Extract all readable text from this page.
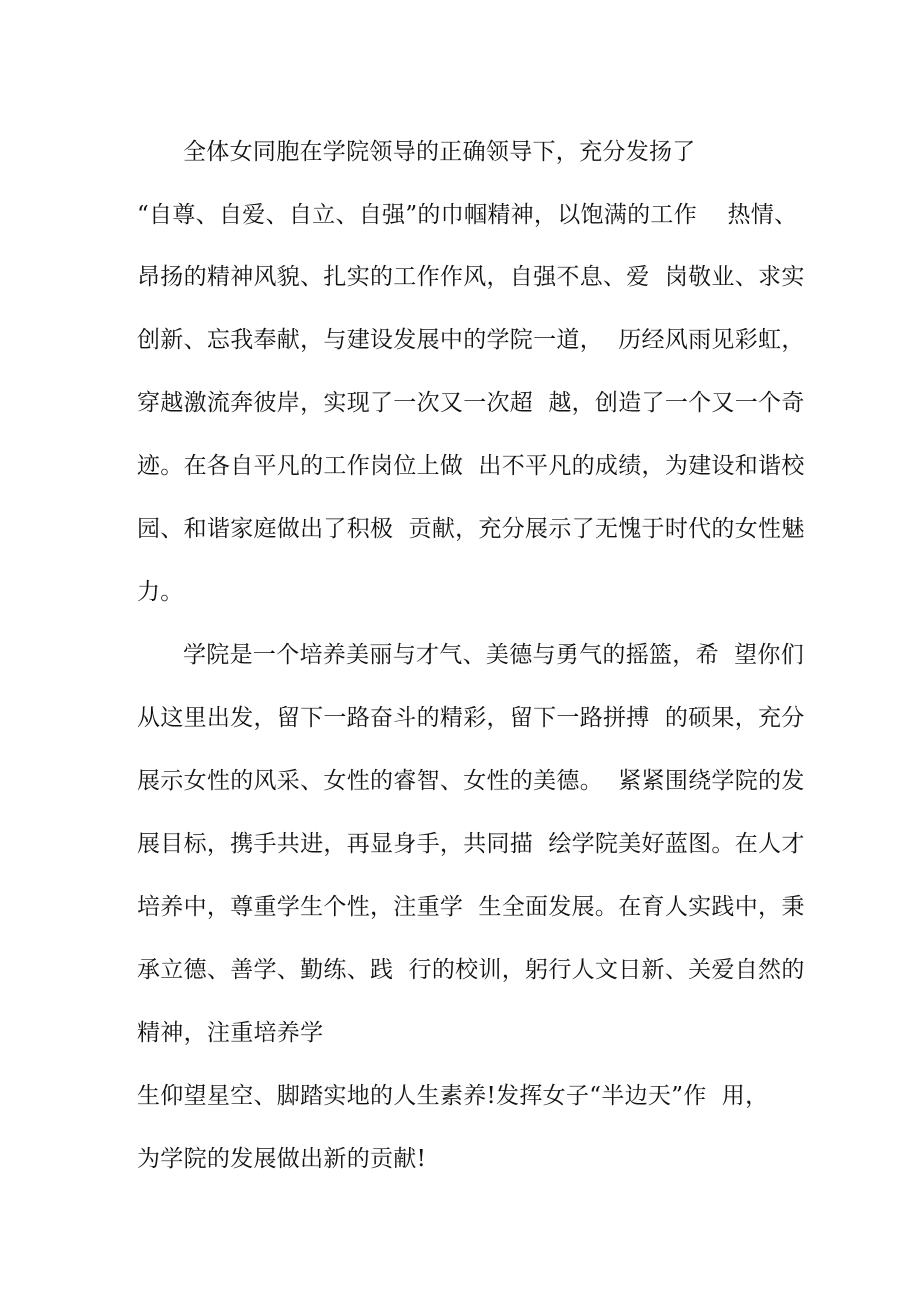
全体女同胞在学院领导的正确领导下，充分发扬了
“自尊、自爱、自立、自强”的巾帼精神，以饱满的工作    热情、
昂扬的精神风貌、扎实的工作作风，自强不息、爱  岗敬业、求实
创新、忘我奉献，与建设发展中的学院一道，  历经风雨见彩虹，
穿越激流奔彼岸，实现了一次又一次超  越，创造了一个又一个奇
迹。在各自平凡的工作岗位上做  出不平凡的成绩，为建设和谐校
园、和谐家庭做出了积极  贡献，充分展示了无愧于时代的女性魅
力。
学院是一个培养美丽与才气、美德与勇气的摇篮，希  望你们
从这里出发，留下一路奋斗的精彩，留下一路拼搏  的硕果，充分
展示女性的风采、女性的睿智、女性的美德。  紧紧围绕学院的发
展目标，携手共进，再显身手，共同描  绘学院美好蓝图。在人才
培养中，尊重学生个性，注重学  生全面发展。在育人实践中，秉
承立德、善学、勤练、践  行的校训，躬行人文日新、关爱自然的
精神，注重培养学
生仰望星空、脚踏实地的人生素养!发挥女子“半边天”作  用，
为学院的发展做出新的贡献!
